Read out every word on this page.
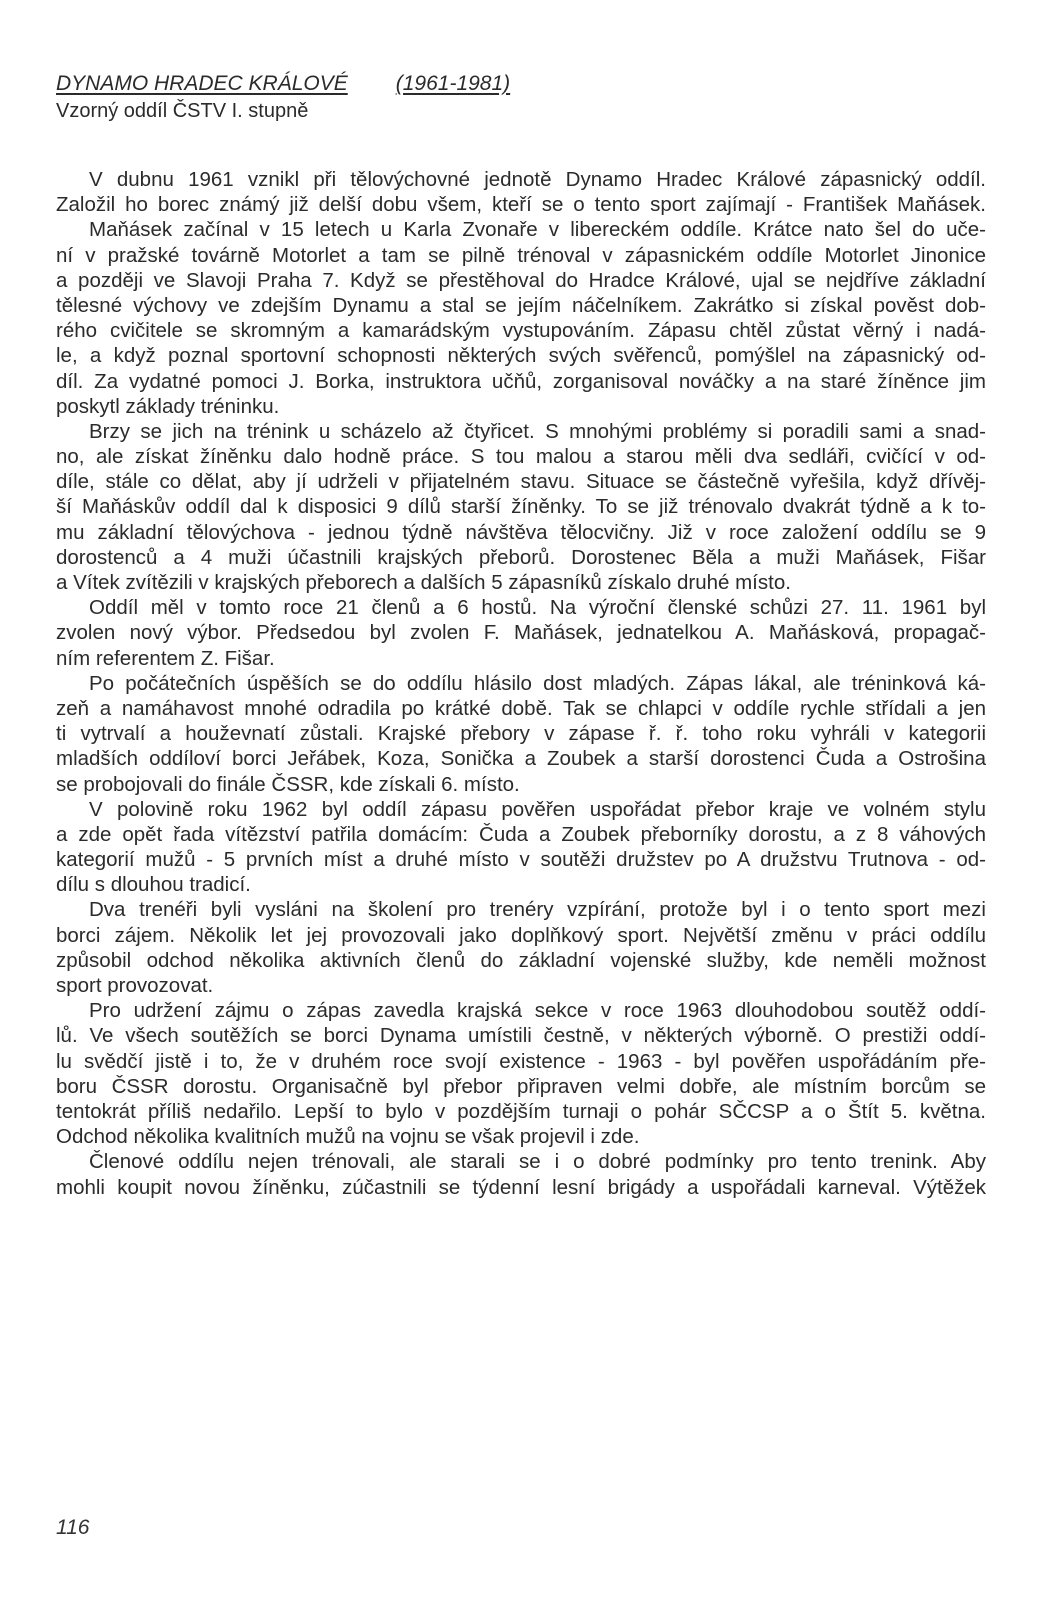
DYNAMO HRADEC KRÁLOVÉ (1961-1981)
Vzorný oddíl ČSTV I. stupně
V dubnu 1961 vznikl při tělovýchovné jednotě Dynamo Hradec Králové zápasnický oddíl.
Založil ho borec známý již delší dobu všem, kteří se o tento sport zajímají - František Maňásek.
Maňásek začínal v 15 letech u Karla Zvonaře v libereckém oddíle. Krátce nato šel do uče-
ní v pražské továrně Motorlet a tam se pilně trénoval v zápasnickém oddíle Motorlet Jinonice
a později ve Slavoji Praha 7. Když se přestěhoval do Hradce Králové, ujal se nejdříve základní
tělesné výchovy ve zdejším Dynamu a stal se jejím náčelníkem. Zakrátko si získal pověst dob-
rého cvičitele se skromným a kamarádským vystupováním. Zápasu chtěl zůstat věrný i nadá-
le, a když poznal sportovní schopnosti některých svých svěřenců, pomýšlel na zápasnický od-
díl. Za vydatné pomoci J. Borka, instruktora učňů, zorganisoval nováčky a na staré žíněnce jim
poskytl základy tréninku.
Brzy se jich na trénink u scházelo až čtyřicet. S mnohými problémy si poradili sami a snad-
no, ale získat žíněnku dalo hodně práce. S tou malou a starou měli dva sedláři, cvičící v od-
díle, stále co dělat, aby jí udrželi v přijatelném stavu. Situace se částečně vyřešila, když dřívěj-
ší Maňáskův oddíl dal k disposici 9 dílů starší žíněnky. To se již trénovalo dvakrát týdně a k to-
mu základní tělovýchova - jednou týdně návštěva tělocvičny. Již v roce založení oddílu se 9
dorostenců a 4 muži účastnili krajských přeborů. Dorostenec Běla a muži Maňásek, Fišar
a Vítek zvítězili v krajských přeborech a dalších 5 zápasníků získalo druhé místo.
Oddíl měl v tomto roce 21 členů a 6 hostů. Na výroční členské schůzi 27. 11. 1961 byl
zvolen nový výbor. Předsedou byl zvolen F. Maňásek, jednatelkou A. Maňásková, propagač-
ním referentem Z. Fišar.
Po počátečních úspěších se do oddílu hlásilo dost mladých. Zápas lákal, ale tréninková ká-
zeň a namáhavost mnohé odradila po krátké době. Tak se chlapci v oddíle rychle střídali a jen
ti vytrvalí a houževnatí zůstali. Krajské přebory v zápase ř. ř. toho roku vyhráli v kategorii
mladších oddíloví borci Jeřábek, Koza, Sonička a Zoubek a starší dorostenci Čuda a Ostrošina
se probojovali do finále ČSSR, kde získali 6. místo.
V polovině roku 1962 byl oddíl zápasu pověřen uspořádat přebor kraje ve volném stylu
a zde opět řada vítězství patřila domácím: Čuda a Zoubek přeborníky dorostu, a z 8 váhových
kategorií mužů - 5 prvních míst a druhé místo v soutěži družstev po A družstvu Trutnova - od-
dílu s dlouhou tradicí.
Dva trenéři byli vysláni na školení pro trenéry vzpírání, protože byl i o tento sport mezi
borci zájem. Několik let jej provozovali jako doplňkový sport. Největší změnu v práci oddílu
způsobil odchod několika aktivních členů do základní vojenské služby, kde neměli možnost
sport provozovat.
Pro udržení zájmu o zápas zavedla krajská sekce v roce 1963 dlouhodobou soutěž oddí-
lů. Ve všech soutěžích se borci Dynama umístili čestně, v některých výborně. O prestiži oddí-
lu svědčí jistě i to, že v druhém roce svojí existence - 1963 - byl pověřen uspořádáním pře-
boru ČSSR dorostu. Organisačně byl přebor připraven velmi dobře, ale místním borcům se
tentokrát příliš nedařilo. Lepší to bylo v pozdějším turnaji o pohár SČCSP a o Štít 5. května.
Odchod několika kvalitních mužů na vojnu se však projevil i zde.
Členové oddílu nejen trénovali, ale starali se i o dobré podmínky pro tento trenink. Aby
mohli koupit novou žíněnku, zúčastnili se týdenní lesní brigády a uspořádali karneval. Výtěžek
116
